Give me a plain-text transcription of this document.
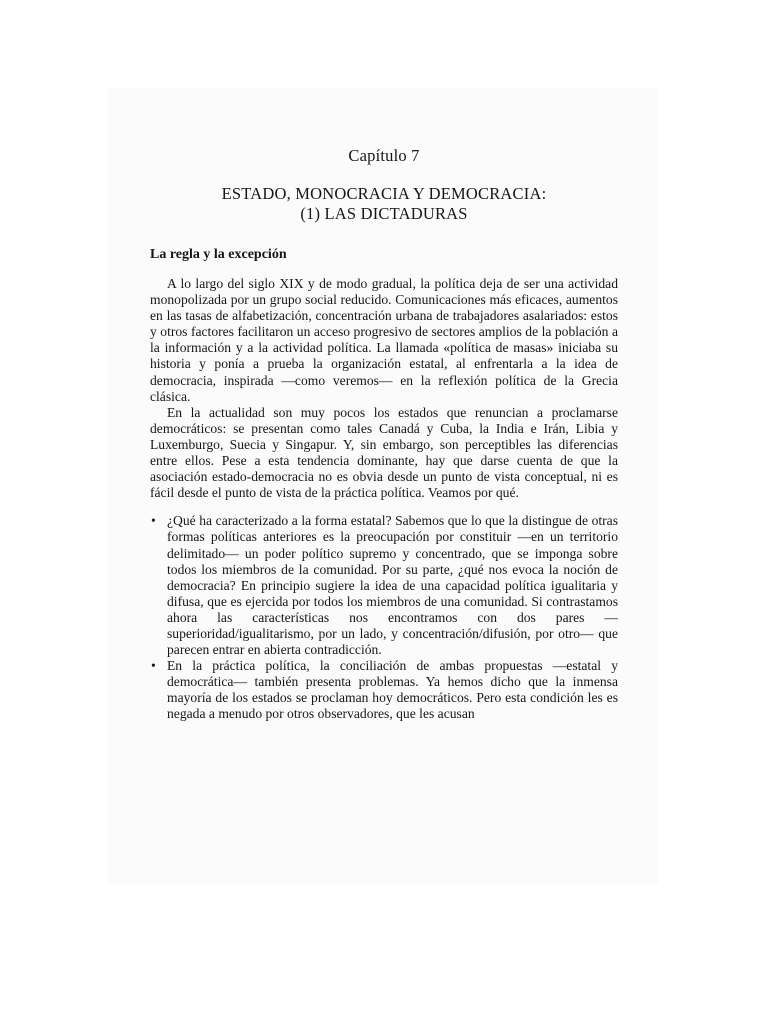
Capítulo 7
ESTADO, MONOCRACIA Y DEMOCRACIA:
(1) LAS DICTADURAS
La regla y la excepción

A lo largo del siglo XIX y de modo gradual, la política deja de ser una actividad monopolizada por un grupo social reducido. Comunicaciones más eficaces, aumentos en las tasas de alfabetización, concentración urbana de trabajadores asalariados: estos y otros factores facilitaron un acceso progresivo de sectores amplios de la población a la información y a la actividad política. La llamada «política de masas» iniciaba su historia y ponía a prueba la organización estatal, al enfrentarla a la idea de democracia, inspirada —como veremos— en la reflexión política de la Grecia clásica.

En la actualidad son muy pocos los estados que renuncian a proclamarse democráticos: se presentan como tales Canadá y Cuba, la India e Irán, Libia y Luxemburgo, Suecia y Singapur. Y, sin embargo, son perceptibles las diferencias entre ellos. Pese a esta tendencia dominante, hay que darse cuenta de que la asociación estado-democracia no es obvia desde un punto de vista conceptual, ni es fácil desde el punto de vista de la práctica política. Veamos por qué.

• ¿Qué ha caracterizado a la forma estatal? Sabemos que lo que la distingue de otras formas políticas anteriores es la preocupación por constituir —en un territorio delimitado— un poder político supremo y concentrado, que se imponga sobre todos los miembros de la comunidad. Por su parte, ¿qué nos evoca la noción de democracia? En principio sugiere la idea de una capacidad política igualitaria y difusa, que es ejercida por todos los miembros de una comunidad. Si contrastamos ahora las características nos encontramos con dos pares —superioridad/igualitarismo, por un lado, y concentración/difusión, por otro— que parecen entrar en abierta contradicción.
• En la práctica política, la conciliación de ambas propuestas —estatal y democrática— también presenta problemas. Ya hemos dicho que la inmensa mayoría de los estados se proclaman hoy democráticos. Pero esta condición les es negada a menudo por otros observadores, que les acusan
